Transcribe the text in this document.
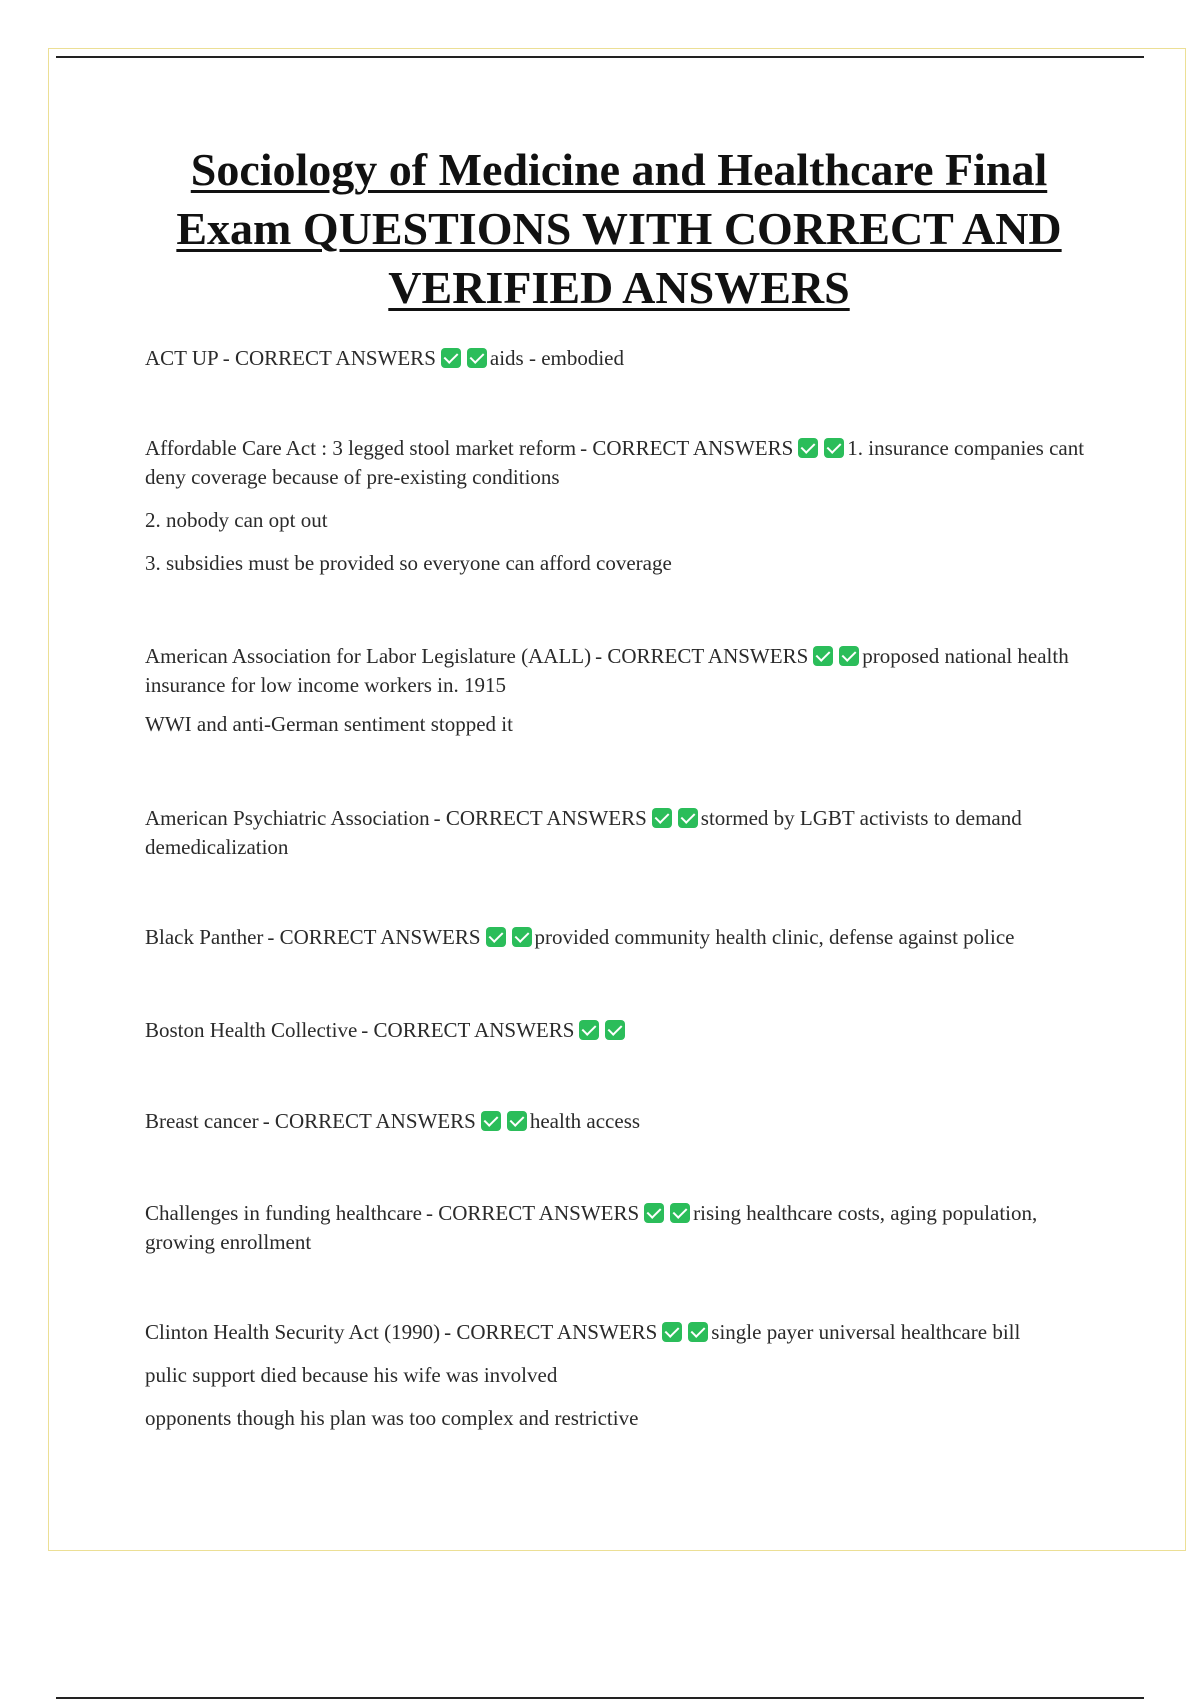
Sociology of Medicine and Healthcare Final
Exam QUESTIONS WITH CORRECT AND
VERIFIED ANSWERS

ACT UP - CORRECT ANSWERS	aids - embodied

Affordable Care Act : 3 legged stool market reform - CORRECT ANSWERS	1. insurance companies cant deny coverage because of pre-existing conditions

2. nobody can opt out

3. subsidies must be provided so everyone can afford coverage

American Association for Labor Legislature (AALL) - CORRECT ANSWERS	proposed national health insurance for low income workers in. 1915

WWI and anti-German sentiment stopped it

American Psychiatric Association - CORRECT ANSWERS	stormed by LGBT activists to demand demedicalization

Black Panther - CORRECT ANSWERS	provided community health clinic, defense against police

Boston Health Collective - CORRECT ANSWERS

Breast cancer - CORRECT ANSWERS	health access

Challenges in funding healthcare - CORRECT ANSWERS	rising healthcare costs, aging population, growing enrollment

Clinton Health Security Act (1990) - CORRECT ANSWERS	single payer universal healthcare bill

pulic support died because his wife was involved

opponents though his plan was too complex and restrictive
